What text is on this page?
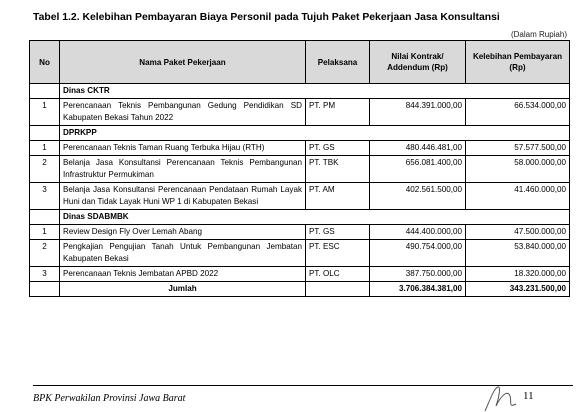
Tabel 1.2. Kelebihan Pembayaran Biaya Personil pada Tujuh Paket Pekerjaan Jasa Konsultansi
(Dalam Rupiah)
No	Nama Paket Pekerjaan	Pelaksana	Nilai Kontrak/ Addendum (Rp)	Kelebihan Pembayaran (Rp)
	Dinas CKTR			
1	Perencanaan Teknis Pembangunan Gedung Pendidikan SD Kabupaten Bekasi Tahun 2022	PT. PM	844.391.000,00	66.534.000,00
	DPRKPP			
1	Perencanaan Teknis Taman Ruang Terbuka Hijau (RTH)	PT. GS	480.446.481,00	57.577.500,00
2	Belanja Jasa Konsultansi Perencanaan Teknis Pembangunan Infrastruktur Permukiman	PT. TBK	656.081.400,00	58.000.000,00
3	Belanja Jasa Konsultansi Perencanaan Pendataan Rumah Layak Huni dan Tidak Layak Huni WP 1 di Kabupaten Bekasi	PT. AM	402.561.500,00	41.460.000,00
	Dinas SDABMBK			
1	Review Design Fly Over Lemah Abang	PT. GS	444.400.000,00	47.500.000,00
2	Pengkajian Pengujian Tanah Untuk Pembangunan Jembatan Kabupaten Bekasi	PT. ESC	490.754.000,00	53.840.000,00
3	Perencanaan Teknis Jembatan APBD 2022	PT. OLC	387.750.000,00	18.320.000,00
	Jumlah		3.706.384.381,00	343.231.500,00
BPK Perwakilan Provinsi Jawa Barat	11
